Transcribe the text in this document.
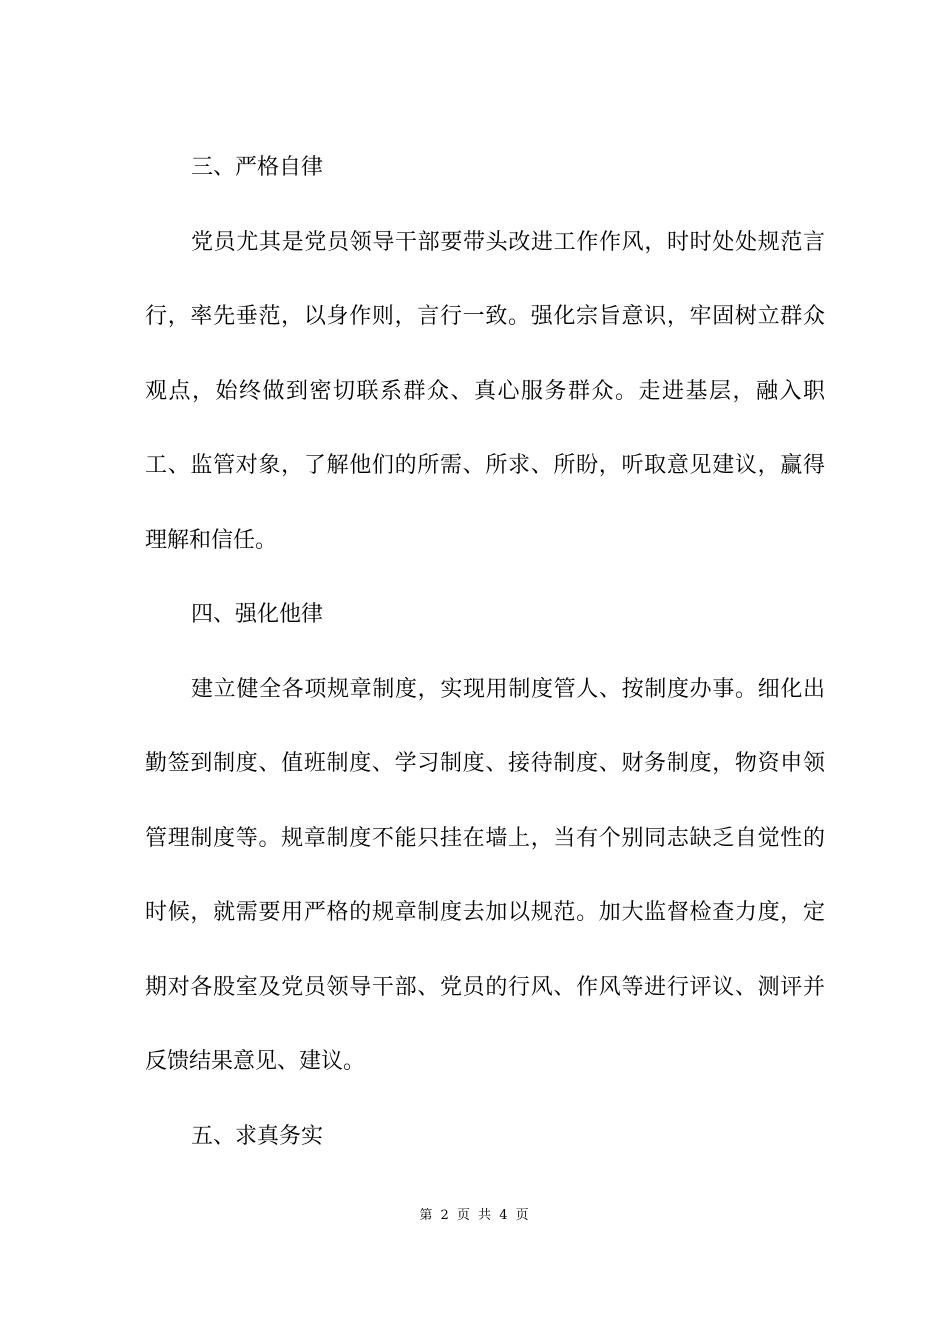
三、严格自律

党员尤其是党员领导干部要带头改进工作作风，时时处处规范言行，率先垂范，以身作则，言行一致。强化宗旨意识，牢固树立群众观点，始终做到密切联系群众、真心服务群众。走进基层，融入职工、监管对象，了解他们的所需、所求、所盼，听取意见建议，赢得理解和信任。

四、强化他律

建立健全各项规章制度，实现用制度管人、按制度办事。细化出勤签到制度、值班制度、学习制度、接待制度、财务制度，物资申领管理制度等。规章制度不能只挂在墙上，当有个别同志缺乏自觉性的时候，就需要用严格的规章制度去加以规范。加大监督检查力度，定期对各股室及党员领导干部、党员的行风、作风等进行评议、测评并反馈结果意见、建议。

五、求真务实

第 2 页 共 4 页
